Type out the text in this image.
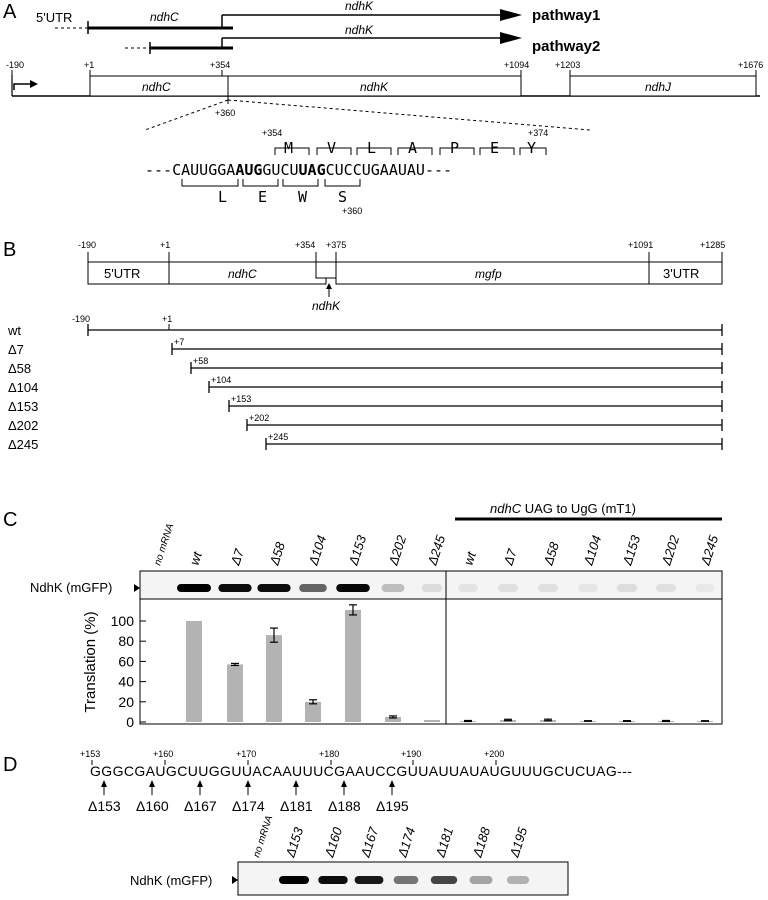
A 5'UTR	ndhC
ndhK
pathway1
ndhK
pathway2
ndhC	ndhK	ndhJ
-190	+1	+354	+1094	+1203	+1676
+360
+354	+374
M V L A P E Y
---CAUUGGAAUGGUCUUAGCUCCUGAAUAU---
L E W S
+360
B	-190	+1	+354 +375	+1091	+1285
5'UTR	ndhC	mgfp	3'UTR
ndhK
wt
-190	+1
Δ7	+7
Δ58	+58
Δ104	+104
Δ153	+153
Δ202	+202
Δ245	+245
C
ndhC UAG to UgG (mT1)
no mRNA wt Δ7 Δ58 Δ104 Δ153 Δ202 Δ245 wt Δ7 Δ58 Δ104 Δ153 Δ202 Δ245
NdhK (mGFP)
0
20
40
60
80
100
Translation (%)
D	+153	+160	+170	+180	+190	+200
GGGCGAUGCUUGGUUACAAUUUCGAAUCCGUUAUUAUAUGUUUGCUCUAG---
Δ153 Δ160 Δ167 Δ174 Δ181 Δ188 Δ195
no mRNA Δ153 Δ160 Δ167 Δ174 Δ181 Δ188 Δ195
NdhK (mGFP)
